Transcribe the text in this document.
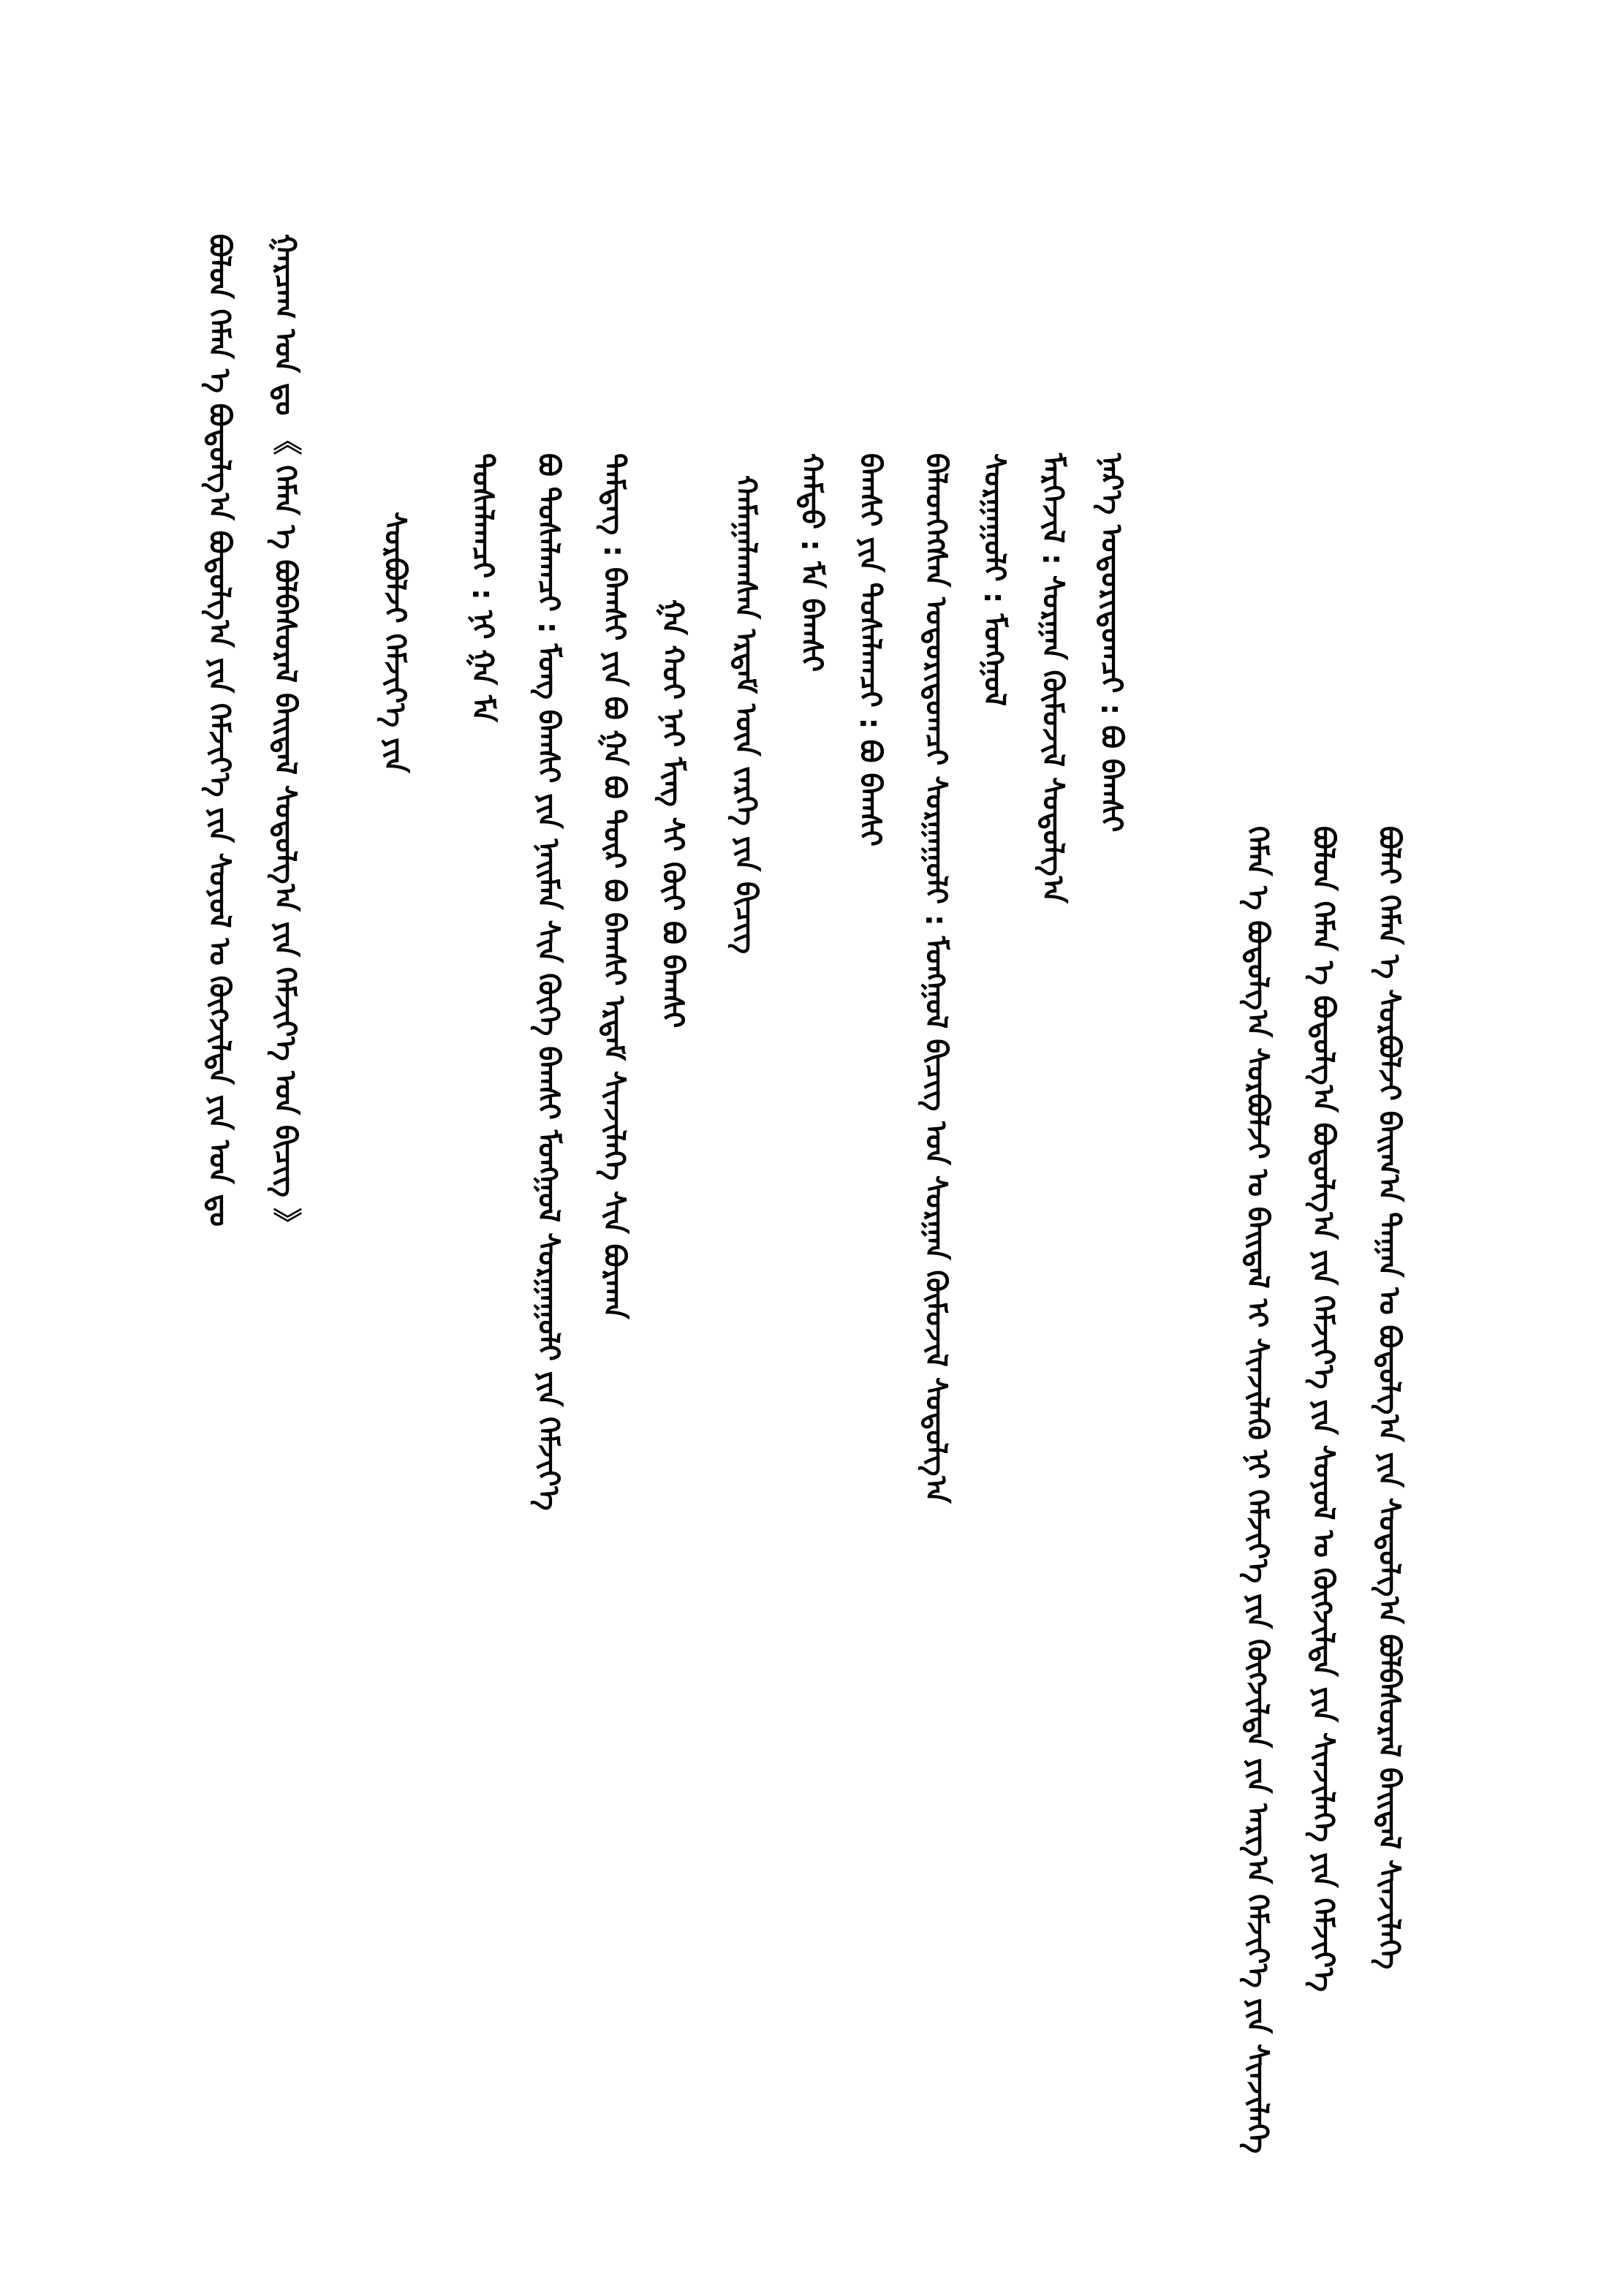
ᠪᠣᠯᠠᠢ ᠬᠡᠮᠡᠨ ᠡ ᠰᠤᠷᠪᠤᠯᠵᠢ ᠪᠠᠢᠭ᠎ᠠ ᠳᠠᠭᠠᠨ ᠤ ᠪᠣᠳᠤᠯᠭ᠎ᠠ ᠶᠢᠨ ᠰᠤᠳᠤᠯᠭ᠎ᠠ ᠪᠣᠯᠪᠠᠰᠤᠷᠠᠯ ᠪᠠᠢᠳᠠᠯ ᠰᠢᠨᠵᠢᠯᠡᠭᠡ
ᠪᠣᠯᠤᠨ ᠬᠡᠮᠡᠨ ᠡ ᠪᠣᠳᠤᠯᠭ᠎ᠠ ᠪᠣᠳᠤᠯᠭ᠎ᠠ ᠶᠢᠨ ᠬᠡᠮᠵᠢᠶ᠎ᠡ ᠶᠢᠨ ᠰᠣᠶᠣᠯ ᠤ ᠬᠥᠭᠵᠢᠯᠲᠡ ᠶᠢᠨ ᠰᠢᠨᠵᠢᠯᠡᠭᠡ ᠶᠢᠨ ᠬᠡᠮᠵᠢᠶ᠎ᠡ
ᠬᠡᠮᠡᠨ ᠡ ᠪᠣᠳᠤᠯᠭ᠎ᠠ ᠰᠤᠷᠪᠤᠯᠵᠢ ᠤ ᠪᠠᠢᠳᠠᠯ ᠢ ᠰᠢᠨᠵᠢᠯᠡᠬᠦ ᠨᠢ ᠬᠡᠮᠵᠢᠶ᠎ᠡ ᠶᠢᠨ ᠬᠥᠭᠵᠢᠯᠲᠡ ᠶᠢᠨ ᠠᠷᠭ᠎ᠠ ᠬᠡᠮᠵᠢᠶ᠎ᠡ ᠶᠢᠨ ᠰᠢᠨᠵᠢᠯᠡᠭᠡ
ᠨᠡᠷ᠎ᠡ ᠤᠳᠤᠷᠢᠳᠤᠭᠴᠢ : ᠪᠤ ᠪᠠᠭᠰᠢ
ᠮᠡᠷᠭᠡᠵᠢᠯ : ᠰᠤᠷᠭᠠᠨ ᠬᠦᠮᠦᠵᠢᠯ ᠰᠤᠳᠤᠯᠭ᠎ᠠ
ᠰᠤᠷᠭᠠᠭᠤᠯᠢ : ᠮᠣᠩᠭᠣᠯ
ᠪᠡᠯᠡᠳᠭᠡᠭᠰᠡᠨ ᠤᠳᠤᠷᠢᠳᠤᠭᠴᠢ ᠰᠤᠷᠭᠠᠭᠤᠯᠢ : ᠮᠣᠩᠭᠣᠯ ᠪᠢᠴᠢᠭ᠌ ᠤᠨ ᠰᠤᠷᠭᠠᠨ ᠬᠦᠮᠦᠵᠢᠯ ᠰᠤᠳᠤᠯᠭ᠎ᠠ
ᠪᠠᠭᠰᠢ ᠶᠢᠨ ᠲᠤᠰᠠᠯᠠᠭᠴᠢ : ᠪᠤ ᠪᠠᠭᠰᠢ
ᠬᠠᠮᠲᠤ : ᠮᠠ ᠪᠠᠭᠰᠢ
ᠬᠠᠮᠠᠭᠠᠯᠠᠭᠰᠠᠨ ᠡᠷᠳᠡᠮ ᠦᠨ ᠵᠡᠷᠭᠡ ᠶᠢᠨ ᠪᠢᠴᠢᠭ᠌
ᠭᠠ ᠬᠤᠢ ᠨᠠᠢ ᠮᠢᠩ ᠰᠢ ᠬᠦᠢ ᠪᠤ ᠪᠠᠭᠰᠢ
ᠲᠡᠮᠳᠡᠭ : ᠪᠠᠭᠰᠢ ᠶᠢᠨ ᠪᠤ ᠭᠠ ᠪᠤ ᠲᠦᠷ ᠪᠤ ᠪᠠᠭᠰᠢ ᠡᠷᠳᠡᠮ ᠰᠢᠨᠵᠢᠯᠡᠭᠡ ᠰᠢᠨ ᠪᠤᠷᠬᠠᠨ
ᠪᠣ ᠲᠤᠰᠠᠯᠠᠭᠴᠢ : ᠮᠣᠩ ᠪᠠᠭᠰᠢ ᠶᠢᠨ ᠨᠠᠢᠮᠠᠨ ᠰᠢᠨ ᠬᠥᠬᠡ ᠪᠠᠭᠰᠢ ᠮᠣᠩᠭᠣᠯ ᠰᠤᠷᠭᠠᠭᠤᠯᠢ ᠶᠢᠨ ᠬᠡᠮᠵᠢᠶ᠎ᠡ
ᠲᠤᠰᠠᠯᠠᠭᠴᠢ : ᠨᠢ ᠭᠠ ᠮᠠ
ᠰᠤᠷᠪᠤᠯᠵᠢ ᠬᠡᠮᠵᠢᠶ᠎ᠡ ᠶᠢᠨ
ᠭᠠᠷᠴᠠᠭ ᠤᠨ ᠳᠤ 《 ᠬᠡᠮᠡᠨ ᠡ ᠪᠣᠯᠪᠠᠰᠤᠷᠠᠯ ᠪᠠᠢᠳᠠᠯ ᠰᠤᠳᠤᠯᠭ᠎ᠠ ᠶᠢᠨ ᠬᠡᠮᠵᠢᠶ᠎ᠡ ᠤᠨ ᠪᠢᠴᠢᠭ᠌ 》
ᠪᠣᠯᠤᠨ ᠬᠡᠮᠡᠨ ᠡ ᠪᠣᠳᠤᠯᠭ᠎ᠠ ᠪᠣᠳᠤᠯᠭ᠎ᠠ ᠶᠢᠨ ᠬᠡᠮᠵᠢᠶ᠎ᠡ ᠶᠢᠨ ᠰᠣᠶᠣᠯ ᠤ ᠬᠥᠭᠵᠢᠯᠲᠡ ᠶᠢᠨ ᠤᠨ ᠳᠤ
